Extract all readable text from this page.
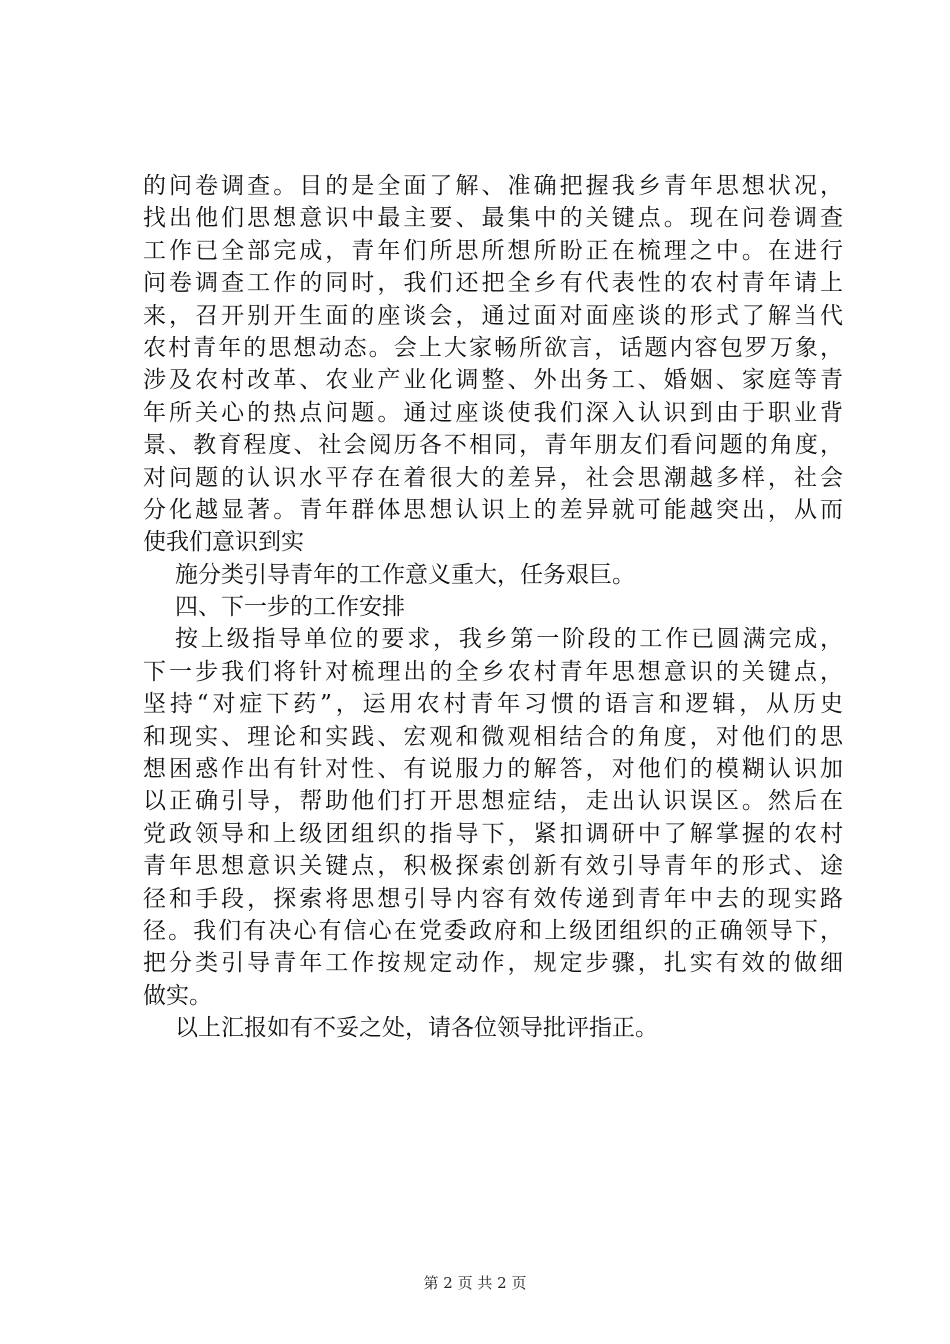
的问卷调查。目的是全面了解、准确把握我乡青年思想状况，
找出他们思想意识中最主要、最集中的关键点。现在问卷调查
工作已全部完成，青年们所思所想所盼正在梳理之中。在进行
问卷调查工作的同时，我们还把全乡有代表性的农村青年请上
来，召开别开生面的座谈会，通过面对面座谈的形式了解当代
农村青年的思想动态。会上大家畅所欲言，话题内容包罗万象，
涉及农村改革、农业产业化调整、外出务工、婚姻、家庭等青
年所关心的热点问题。通过座谈使我们深入认识到由于职业背
景、教育程度、社会阅历各不相同，青年朋友们看问题的角度，
对问题的认识水平存在着很大的差异，社会思潮越多样，社会
分化越显著。青年群体思想认识上的差异就可能越突出，从而
使我们意识到实
施分类引导青年的工作意义重大，任务艰巨。
四、下一步的工作安排
按上级指导单位的要求，我乡第一阶段的工作已圆满完成，
下一步我们将针对梳理出的全乡农村青年思想意识的关键点，
坚持“对症下药”，运用农村青年习惯的语言和逻辑，从历史
和现实、理论和实践、宏观和微观相结合的角度，对他们的思
想困惑作出有针对性、有说服力的解答，对他们的模糊认识加
以正确引导，帮助他们打开思想症结，走出认识误区。然后在
党政领导和上级团组织的指导下，紧扣调研中了解掌握的农村
青年思想意识关键点，积极探索创新有效引导青年的形式、途
径和手段，探索将思想引导内容有效传递到青年中去的现实路
径。我们有决心有信心在党委政府和上级团组织的正确领导下，
把分类引导青年工作按规定动作，规定步骤，扎实有效的做细
做实。
以上汇报如有不妥之处，请各位领导批评指正。
第 2 页 共 2 页
